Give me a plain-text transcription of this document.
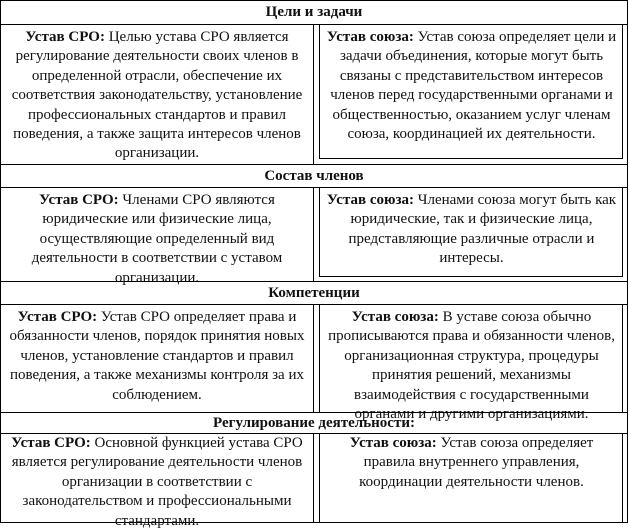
Цели и задачи
Устав СРО: Целью устава СРО является регулирование деятельности своих членов в определенной отрасли, обеспечение их соответствия законодательству, установление профессиональных стандартов и правил поведения, а также защита интересов членов организации.
Устав союза: Устав союза определяет цели и задачи объединения, которые могут быть связаны с представительством интересов членов перед государственными органами и общественностью, оказанием услуг членам союза, координацией их деятельности.
Состав членов
Устав СРО: Членами СРО являются юридические или физические лица, осуществляющие определенный вид деятельности в соответствии с уставом организации.
Устав союза: Членами союза могут быть как юридические, так и физические лица, представляющие различные отрасли и интересы.
Компетенции
Устав СРО: Устав СРО определяет права и обязанности членов, порядок принятия новых членов, установление стандартов и правил поведения, а также механизмы контроля за их соблюдением.
Устав союза: В уставе союза обычно прописываются права и обязанности членов, организационная структура, процедуры принятия решений, механизмы взаимодействия с государственными органами и другими организациями.
Регулирование деятельности:
Устав СРО: Основной функцией устава СРО является регулирование деятельности членов организации в соответствии с законодательством и профессиональными стандартами.
Устав союза: Устав союза определяет правила внутреннего управления, координации деятельности членов.
